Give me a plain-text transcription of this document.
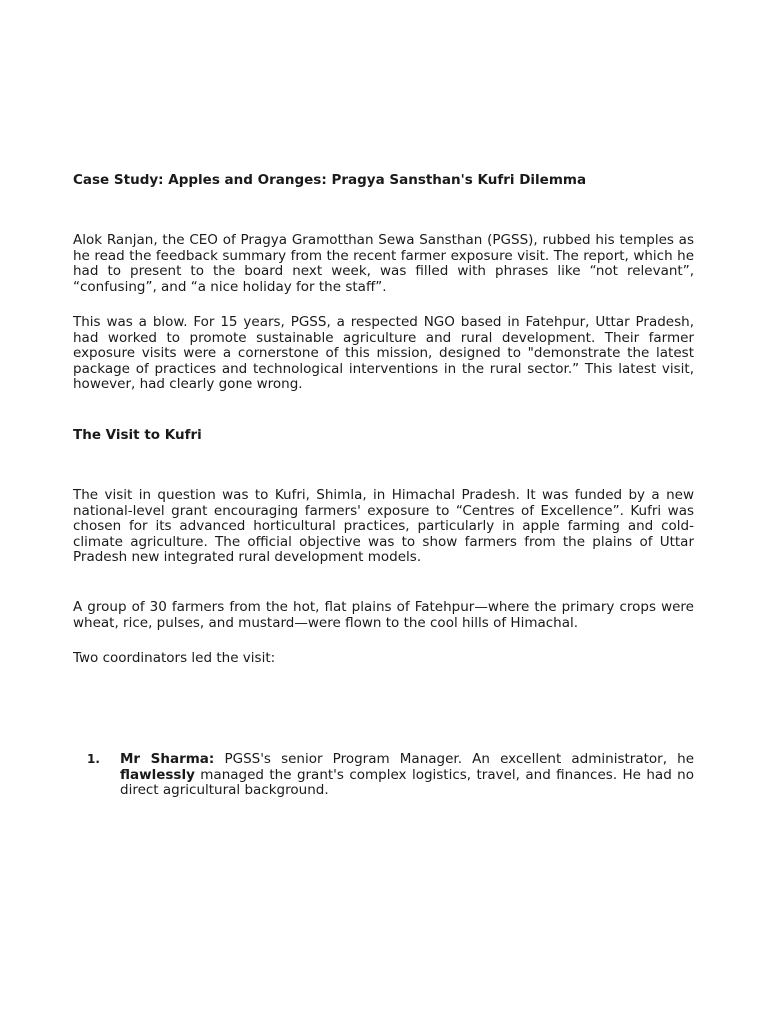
Case Study: Apples and Oranges: Pragya Sansthan's Kufri Dilemma

Alok Ranjan, the CEO of Pragya Gramotthan Sewa Sansthan (PGSS), rubbed his temples as he read the feedback summary from the recent farmer exposure visit. The report, which he had to present to the board next week, was filled with phrases like “not relevant”, “confusing”, and “a nice holiday for the staff”.

This was a blow. For 15 years, PGSS, a respected NGO based in Fatehpur, Uttar Pradesh, had worked to promote sustainable agriculture and rural development. Their farmer exposure visits were a cornerstone of this mission, designed to "demonstrate the latest package of practices and technological interventions in the rural sector.” This latest visit, however, had clearly gone wrong.

The Visit to Kufri

The visit in question was to Kufri, Shimla, in Himachal Pradesh. It was funded by a new national-level grant encouraging farmers' exposure to “Centres of Excellence”. Kufri was chosen for its advanced horticultural practices, particularly in apple farming and cold-climate agriculture. The official objective was to show farmers from the plains of Uttar Pradesh new integrated rural development models.

A group of 30 farmers from the hot, flat plains of Fatehpur—where the primary crops were wheat, rice, pulses, and mustard—were flown to the cool hills of Himachal.

Two coordinators led the visit:

1. Mr Sharma: PGSS's senior Program Manager. An excellent administrator, he flawlessly managed the grant's complex logistics, travel, and finances. He had no direct agricultural background.
